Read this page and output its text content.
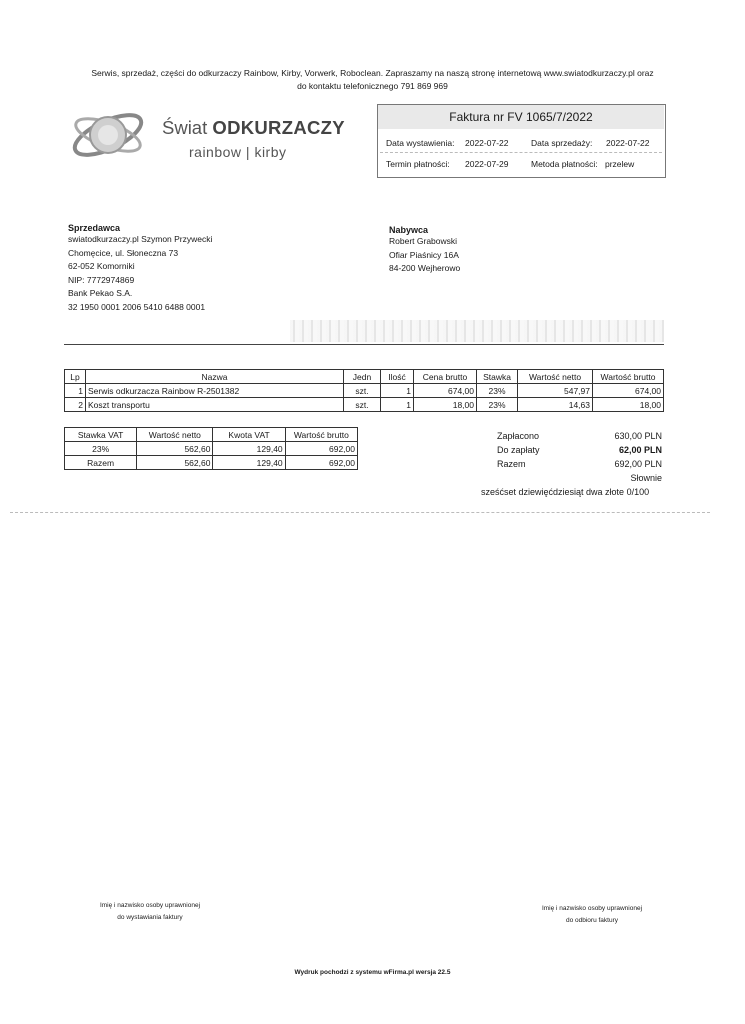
Serwis, sprzedaż, części do odkurzaczy Rainbow, Kirby, Vorwerk, Roboclean. Zapraszamy na naszą stronę internetową www.swiatodkurzaczy.pl oraz
do kontaktu telefonicznego 791 869 969
Świat ODKURZACZY
rainbow | kirby
Faktura nr FV 1065/7/2022
Data wystawienia: 2022-07-22	Data sprzedaży: 2022-07-22
Termin płatności: 2022-07-29	Metoda płatności: przelew
Sprzedawca
swiatodkurzaczy.pl Szymon Przywecki
Chomęcice, ul. Słoneczna 73
62-052 Komorniki
NIP: 7772974869
Bank Pekao S.A.
32 1950 0001 2006 5410 6488 0001
Nabywca
Robert Grabowski
Ofiar Piaśnicy 16A
84-200 Wejherowo
Lp	Nazwa	Jedn	Ilość	Cena brutto	Stawka	Wartość netto	Wartość brutto
1	Serwis odkurzacza Rainbow R-2501382	szt.	1	674,00	23%	547,97	674,00
2	Koszt transportu	szt.	1	18,00	23%	14,63	18,00
Stawka VAT	Wartość netto	Kwota VAT	Wartość brutto
23%	562,60	129,40	692,00
Razem	562,60	129,40	692,00
Zapłacono	630,00 PLN
Do zapłaty	62,00 PLN
Razem	692,00 PLN
Słownie
sześćset dziewięćdziesiąt dwa złote 0/100
Imię i nazwisko osoby uprawnionej
do wystawiania faktury
Imię i nazwisko osoby uprawnionej
do odbioru faktury
Wydruk pochodzi z systemu wFirma.pl wersja 22.5
